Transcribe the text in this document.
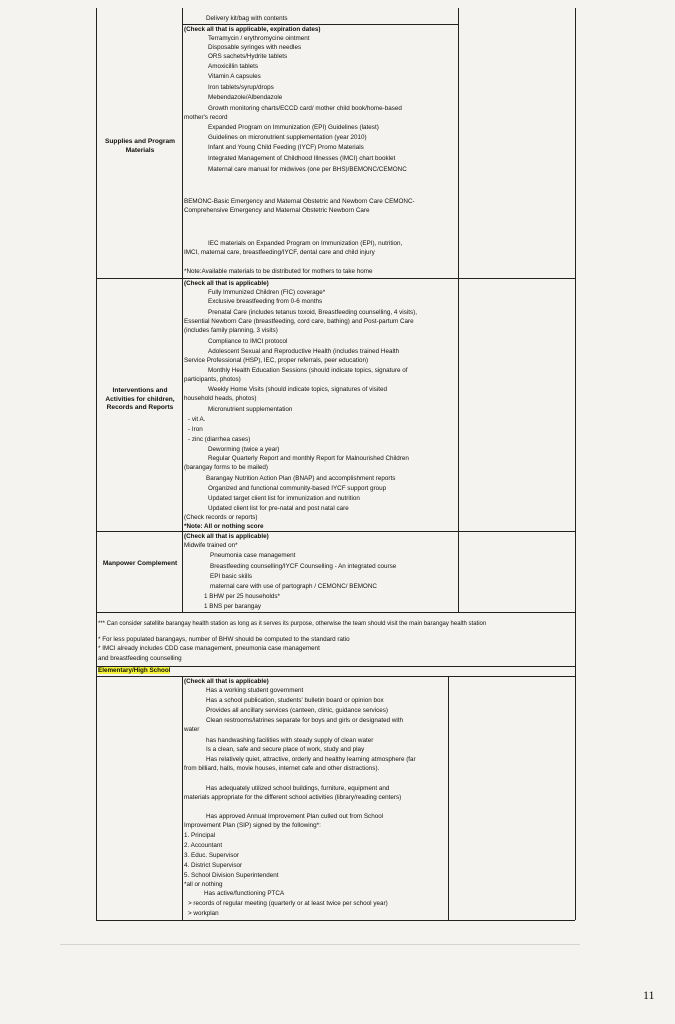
Delivery kit/bag with contents
Supplies and Program Materials
(Check all that is applicable, expiration dates)
Terramycin / erythromycine ointment
Disposable syringes with needles
ORS sachets/Hydrite tablets
Amoxicillin tablets
Vitamin A capsules
Iron tablets/syrup/drops
Mebendazole/Albendazole
Growth monitoring charts/ECCD card/ mother child book/home-based
mother's record
Expanded Program on Immunization (EPI) Guidelines (latest)
Guidelines on micronutrient supplementation (year 2010)
Infant and Young Child Feeding (IYCF) Promo Materials
Integrated Management of Childhood Illnesses (IMCI) chart booklet
Maternal care manual for midwives (one per BHS)/BEMONC/CEMONC
BEMONC-Basic Emergency and Maternal Obstetric and Newborn Care CEMONC-
Comprehensive Emergency and Maternal Obstetric Newborn Care
IEC materials on Expanded Program on Immunization (EPI), nutrition,
IMCI, maternal care, breastfeeding/IYCF, dental care and child injury
*Note:Available materials to be distributed for mothers to take home
Interventions and Activities for children, Records and Reports
(Check all that is applicable)
Fully Immunized Children (FIC) coverage*
Exclusive breastfeeding from 0-6 months
Prenatal Care (includes tetanus toxoid, Breastfeeding counselling, 4 visits),
Essential Newborn Care (breastfeeding, cord care, bathing) and Post-partum Care
(includes family planning, 3 visits)
Compliance to IMCI protocol
Adolescent Sexual and Reproductive Health (includes trained Health
Service Professional (HSP), IEC, proper referrals, peer education)
Monthly Health Education Sessions (should indicate topics, signature of
participants, photos)
Weekly Home Visits (should indicate topics, signatures of visited
household heads, photos)
Micronutrient supplementation
- vit A.
- Iron
- zinc (diarrhea cases)
Deworming (twice a year)
Regular Quarterly Report and monthly Report for Malnourished Children
(barangay forms to be mailed)
Barangay Nutrition Action Plan (BNAP) and accomplishment reports
Organized and functional community-based IYCF support group
Updated target client list for immunization and nutrition
Updated client list for pre-natal and post natal care
(Check records or reports)
*Note: All or nothing score
Manpower Complement
(Check all that is applicable)
Midwife trained on*
Pneumonia case management
Breastfeeding counselling/IYCF Counselling - An integrated course
EPI basic skills
maternal care with use of partograph / CEMONC/ BEMONC
1 BHW per 25 households*
1 BNS per barangay
*** Can consider satellite barangay health station as long as it serves its purpose, otherwise the team should visit the main barangay health station
* For less populated barangays, number of BHW should be computed to the standard ratio
* IMCI already includes CDD case management, pneumonia case management
and breastfeeding counselling
Elementary/High School
(Check all that is applicable)
Has a working student government
Has a school publication, students' bulletin board or opinion box
Provides all ancillary services (canteen, clinic, guidance services)
Clean restrooms/latrines separate for boys and girls or designated with
water
has handwashing facilities with steady supply of clean water
Is a clean, safe and secure place of work, study and play
Has relatively quiet, attractive, orderly and healthy learning atmosphere (far
from billiard, halls, movie houses, internet cafe and other distractions).
Has adequately utilized school buildings, furniture, equipment and
materials appropriate for the different school activities (library/reading centers)
Has approved Annual Improvement Plan culled out from School
Improvement Plan (SIP) signed by the following*:
1. Principal
2. Accountant
3. Educ. Supervisor
4. District Supervisor
5. School Division Superintendent
*all or nothing
Has active/functioning PTCA
> records of regular meeting (quarterly or at least twice per school year)
> workplan
11
